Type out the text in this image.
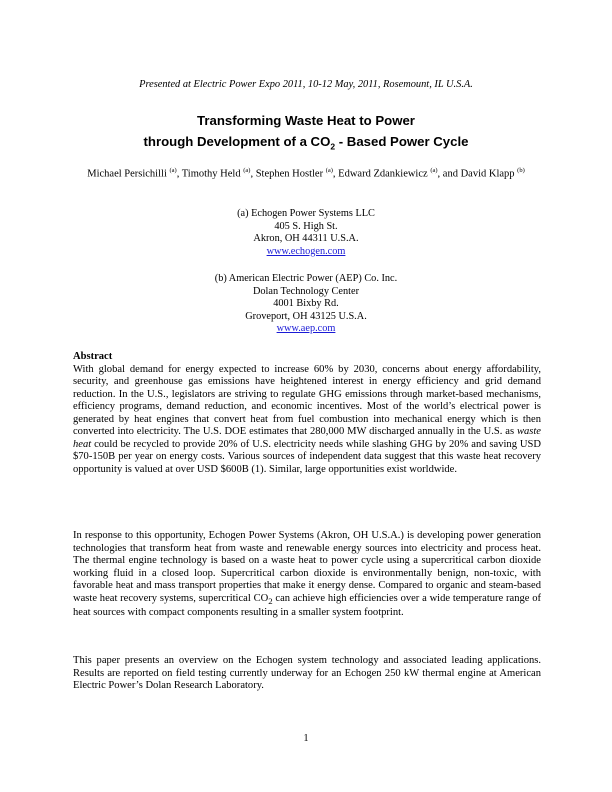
Presented at Electric Power Expo 2011, 10-12 May, 2011, Rosemount, IL U.S.A.
Transforming Waste Heat to Power
through Development of a $CO_2$ - Based Power Cycle
Michael Persichilli $^{(a)}$, Timothy Held $^{(a)}$, Stephen Hostler $^{(a)}$, Edward Zdankiewicz $^{(a)}$, and David Klapp $^{(b)}$
(a) Echogen Power Systems LLC
405 S. High St.
Akron, OH 44311 U.S.A.
www.echogen.com
(b) American Electric Power (AEP) Co. Inc.
Dolan Technology Center
4001 Bixby Rd.
Groveport, OH 43125 U.S.A.
www.aep.com
Abstract
With global demand for energy expected to increase 60% by 2030, concerns about energy affordability, security, and greenhouse gas emissions have heightened interest in energy efficiency and grid demand reduction. In the U.S., legislators are striving to regulate GHG emissions through market-based mechanisms, efficiency programs, demand reduction, and economic incentives. Most of the world’s electrical power is generated by heat engines that convert heat from fuel combustion into mechanical energy which is then converted into electricity. The U.S. DOE estimates that 280,000 MW discharged annually in the U.S. as waste heat could be recycled to provide 20% of U.S. electricity needs while slashing GHG by 20% and saving USD $70-150B per year on energy costs. Various sources of independent data suggest that this waste heat recovery opportunity is valued at over USD $600B (1). Similar, large opportunities exist worldwide.
In response to this opportunity, Echogen Power Systems (Akron, OH U.S.A.) is developing power generation technologies that transform heat from waste and renewable energy sources into electricity and process heat. The thermal engine technology is based on a waste heat to power cycle using a supercritical carbon dioxide working fluid in a closed loop. Supercritical carbon dioxide is environmentally benign, non-toxic, with favorable heat and mass transport properties that make it energy dense. Compared to organic and steam-based waste heat recovery systems, supercritical $CO_2$ can achieve high efficiencies over a wide temperature range of heat sources with compact components resulting in a smaller system footprint.
This paper presents an overview on the Echogen system technology and associated leading applications. Results are reported on field testing currently underway for an Echogen 250 kW thermal engine at American Electric Power’s Dolan Research Laboratory.
1
